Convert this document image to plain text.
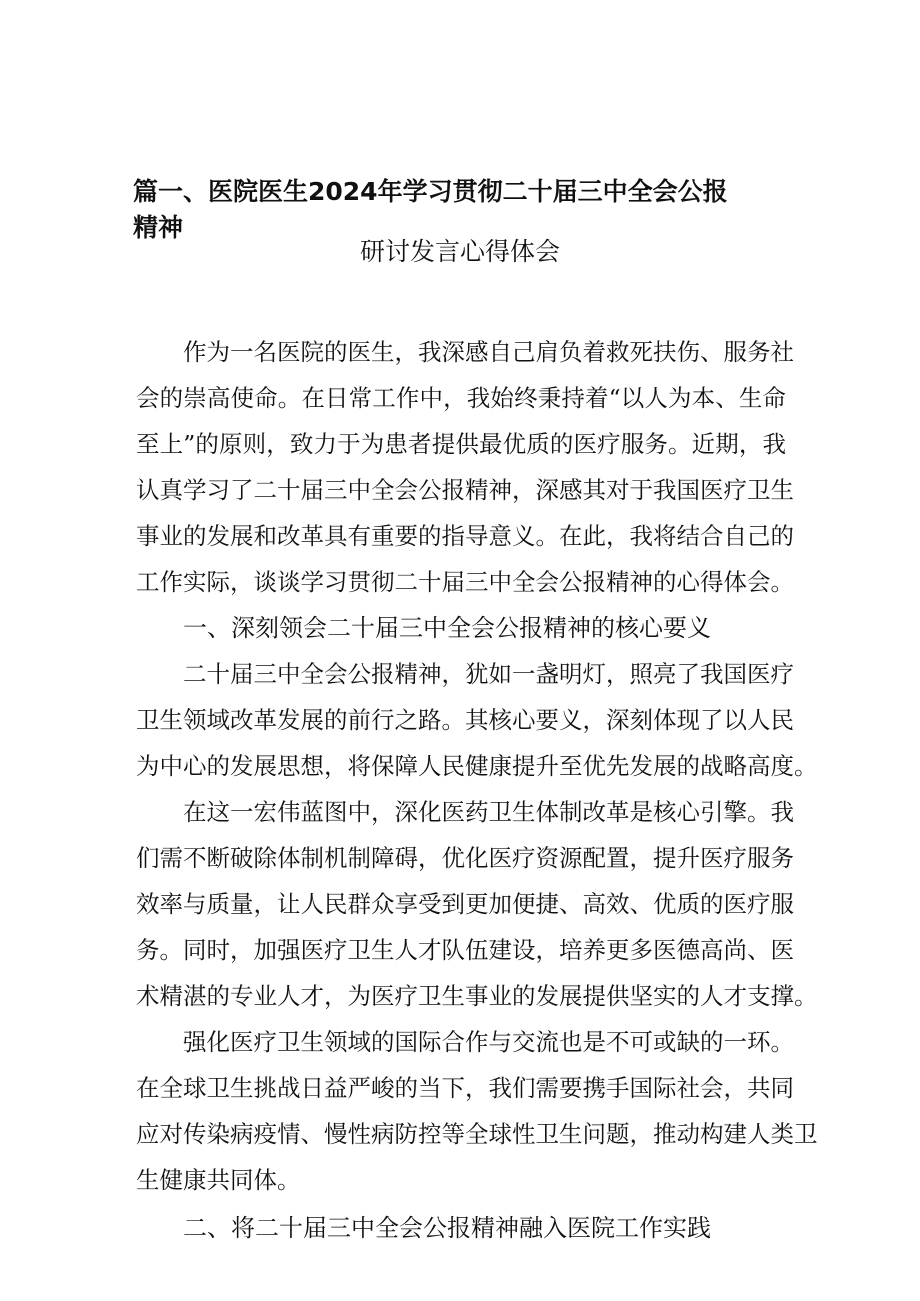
篇一、医院医生2024年学习贯彻二十届三中全会公报精神
研讨发言心得体会
作为一名医院的医生，我深感自己肩负着救死扶伤、服务社
会的崇高使命。在日常工作中，我始终秉持着“以人为本、生命
至上”的原则，致力于为患者提供最优质的医疗服务。近期，我
认真学习了二十届三中全会公报精神，深感其对于我国医疗卫生
事业的发展和改革具有重要的指导意义。在此，我将结合自己的
工作实际，谈谈学习贯彻二十届三中全会公报精神的心得体会。
二十届三中全会公报精神，犹如一盏明灯，照亮了我国医疗
卫生领域改革发展的前行之路。其核心要义，深刻体现了以人民
为中心的发展思想，将保障人民健康提升至优先发展的战略高度。
在这一宏伟蓝图中，深化医药卫生体制改革是核心引擎。我
们需不断破除体制机制障碍，优化医疗资源配置，提升医疗服务
效率与质量，让人民群众享受到更加便捷、高效、优质的医疗服
务。同时，加强医疗卫生人才队伍建设，培养更多医德高尚、医
术精湛的专业人才，为医疗卫生事业的发展提供坚实的人才支撑。
强化医疗卫生领域的国际合作与交流也是不可或缺的一环。
在全球卫生挑战日益严峻的当下，我们需要携手国际社会，共同
应对传染病疫情、慢性病防控等全球性卫生问题，推动构建人类卫
生健康共同体。
一、深刻领会二十届三中全会公报精神的核心要义
二、将二十届三中全会公报精神融入医院工作实践
